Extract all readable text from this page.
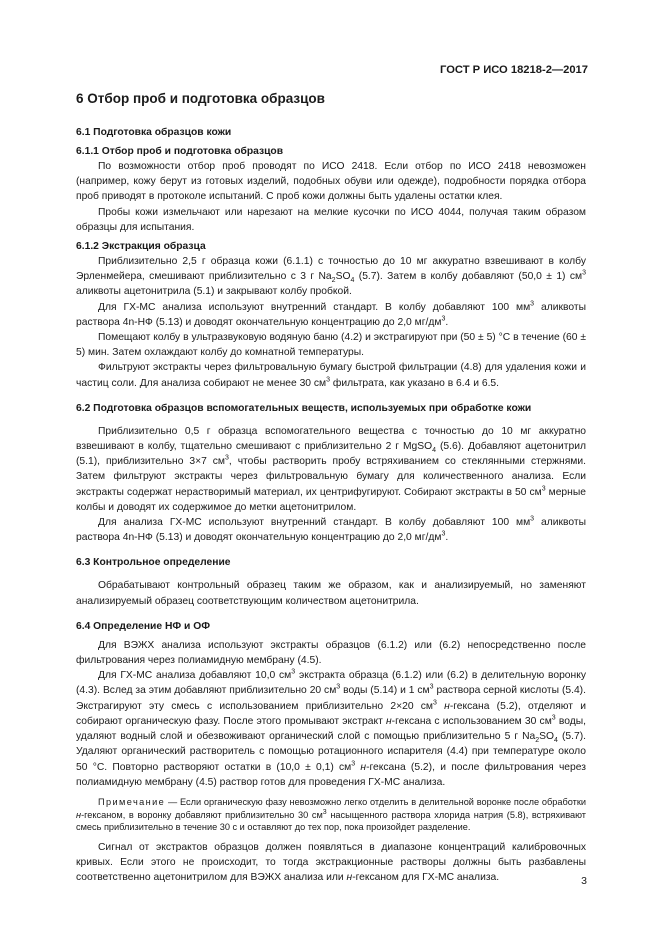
ГОСТ Р ИСО 18218-2—2017
6 Отбор проб и подготовка образцов
6.1 Подготовка образцов кожи
6.1.1 Отбор проб и подготовка образцов

По возможности отбор проб проводят по ИСО 2418. Если отбор по ИСО 2418 невозможен (например, кожу берут из готовых изделий, подобных обуви или одежде), подробности порядка отбора проб приводят в протоколе испытаний. С проб кожи должны быть удалены остатки клея.

Пробы кожи измельчают или нарезают на мелкие кусочки по ИСО 4044, получая таким образом образцы для испытания.

6.1.2 Экстракция образца

Приблизительно 2,5 г образца кожи (6.1.1) с точностью до 10 мг аккуратно взвешивают в колбу Эрленмейера, смешивают приблизительно с 3 г $Na_2SO_4$ (5.7). Затем в колбу добавляют (50,0 ± 1) $см^3$ аликвоты ацетонитрила (5.1) и закрывают колбу пробкой.

Для ГХ-МС анализа используют внутренний стандарт. В колбу добавляют 100 $мм^3$ аликвоты раствора 4n-НФ (5.13) и доводят окончательную концентрацию до 2,0 $мг/дм^3$.

Помещают колбу в ультразвуковую водяную баню (4.2) и экстрагируют при (50 ± 5) °С в течение (60 ± 5) мин. Затем охлаждают колбу до комнатной температуры.

Фильтруют экстракты через фильтровальную бумагу быстрой фильтрации (4.8) для удаления кожи и частиц соли. Для анализа собирают не менее 30 $см^3$ фильтрата, как указано в 6.4 и 6.5.

6.2 Подготовка образцов вспомогательных веществ, используемых при обработке кожи

Приблизительно 0,5 г образца вспомогательного вещества с точностью до 10 мг аккуратно взвешивают в колбу, тщательно смешивают с приблизительно 2 г MgSO$_4$ (5.6). Добавляют ацетонитрил (5.1), приблизительно 3×7 $см^3$, чтобы растворить пробу встряхиванием со стеклянными стержнями. Затем фильтруют экстракты через фильтровальную бумагу для количественного анализа. Если экстракты содержат нерастворимый материал, их центрифугируют. Собирают экстракты в 50 $см^3$ мерные колбы и доводят их содержимое до метки ацетонитрилом.

Для анализа ГХ-МС используют внутренний стандарт. В колбу добавляют 100 $мм^3$ аликвоты раствора 4n-НФ (5.13) и доводят окончательную концентрацию до 2,0 $мг/дм^3$.

6.3 Контрольное определение

Обрабатывают контрольный образец таким же образом, как и анализируемый, но заменяют анализируемый образец соответствующим количеством ацетонитрила.

6.4 Определение НФ и ОФ

Для ВЭЖХ анализа используют экстракты образцов (6.1.2) или (6.2) непосредственно после фильтрования через полиамидную мембрану (4.5).

Для ГХ-МС анализа добавляют 10,0 $см^3$ экстракта образца (6.1.2) или (6.2) в делительную воронку (4.3). Вслед за этим добавляют приблизительно 20 $см^3$ воды (5.14) и 1 $см^3$ раствора серной кислоты (5.4). Экстрагируют эту смесь с использованием приблизительно 2×20 $см^3$ н-гексана (5.2), отделяют и собирают органическую фазу. После этого промывают экстракт н-гексана с использованием 30 $см^3$ воды, удаляют водный слой и обезвоживают органический слой с помощью приблизительно 5 г $Na_2SO_4$ (5.7). Удаляют органический растворитель с помощью ротационного испарителя (4.4) при температуре около 50 °С. Повторно растворяют остатки в (10,0 ± 0,1) $см^3$ н-гексана (5.2), и после фильтрования через полиамидную мембрану (4.5) раствор готов для проведения ГХ-МС анализа.

Примечание — Если органическую фазу невозможно легко отделить в делительной воронке после обработки н-гексаном, в воронку добавляют приблизительно 30 $см^3$ насыщенного раствора хлорида натрия (5.8), встряхивают смесь приблизительно в течение 30 с и оставляют до тех пор, пока произойдет разделение.

Сигнал от экстрактов образцов должен появляться в диапазоне концентраций калибровочных кривых. Если этого не происходит, то тогда экстракционные растворы должны быть разбавлены соответственно ацетонитрилом для ВЭЖХ анализа или н-гексаном для ГХ-МС анализа.	3
